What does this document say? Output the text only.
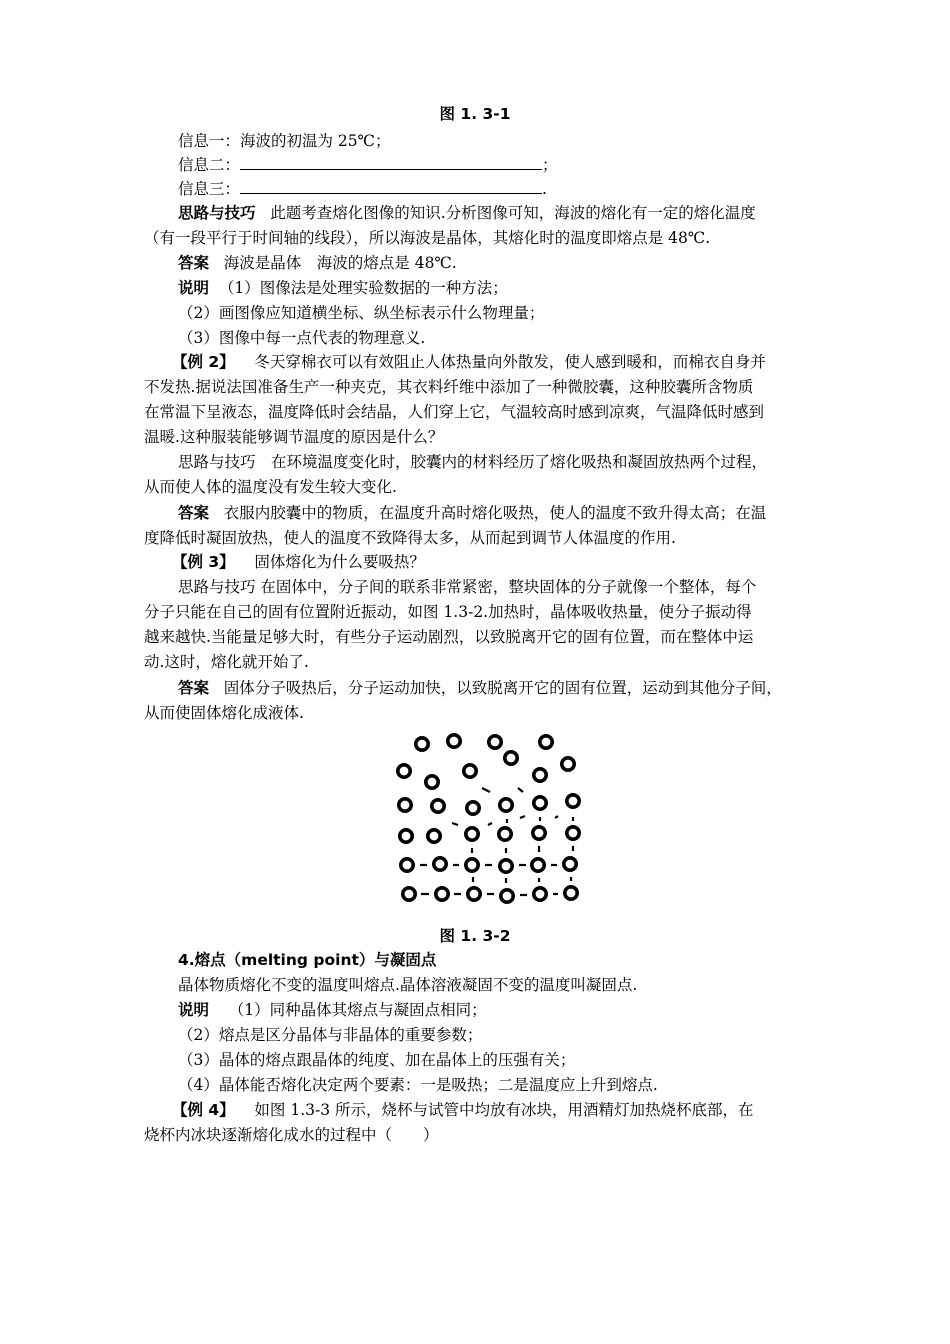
图 1. 3-1
信息一：海波的初温为 25℃；
信息二：	；
信息三：	.
思路与技巧 此题考查熔化图像的知识.分析图像可知，海波的熔化有一定的熔化温度
（有一段平行于时间轴的线段），所以海波是晶体，其熔化时的温度即熔点是 48℃.
答案 海波是晶体　海波的熔点是 48℃.
说明 （1）图像法是处理实验数据的一种方法；
（2）画图像应知道横坐标、纵坐标表示什么物理量；
（3）图像中每一点代表的物理意义.
【例 2】 冬天穿棉衣可以有效阻止人体热量向外散发，使人感到暖和，而棉衣自身并
不发热.据说法国准备生产一种夹克，其衣料纤维中添加了一种微胶囊，这种胶囊所含物质
在常温下呈液态，温度降低时会结晶，人们穿上它，气温较高时感到凉爽，气温降低时感到
温暖.这种服装能够调节温度的原因是什么？
思路与技巧　在环境温度变化时，胶囊内的材料经历了熔化吸热和凝固放热两个过程，
从而使人体的温度没有发生较大变化.
答案 衣服内胶囊中的物质，在温度升高时熔化吸热，使人的温度不致升得太高；在温
度降低时凝固放热，使人的温度不致降得太多，从而起到调节人体温度的作用.
【例 3】 固体熔化为什么要吸热？
思路与技巧 在固体中，分子间的联系非常紧密，整块固体的分子就像一个整体，每个
分子只能在自己的固有位置附近振动，如图 1.3-2.加热时，晶体吸收热量，使分子振动得
越来越快.当能量足够大时，有些分子运动剧烈，以致脱离开它的固有位置，而在整体中运
动.这时，熔化就开始了.
答案 固体分子吸热后，分子运动加快，以致脱离开它的固有位置，运动到其他分子间，
从而使固体熔化成液体.
图 1. 3-2
4.熔点（melting point）与凝固点
晶体物质熔化不变的温度叫熔点.晶体溶液凝固不变的温度叫凝固点.
说明 （1）同种晶体其熔点与凝固点相同；
（2）熔点是区分晶体与非晶体的重要参数；
（3）晶体的熔点跟晶体的纯度、加在晶体上的压强有关；
（4）晶体能否熔化决定两个要素：一是吸热；二是温度应上升到熔点.
【例 4】 如图 1.3-3 所示，烧杯与试管中均放有冰块，用酒精灯加热烧杯底部，在
烧杯内冰块逐渐熔化成水的过程中（　　）
